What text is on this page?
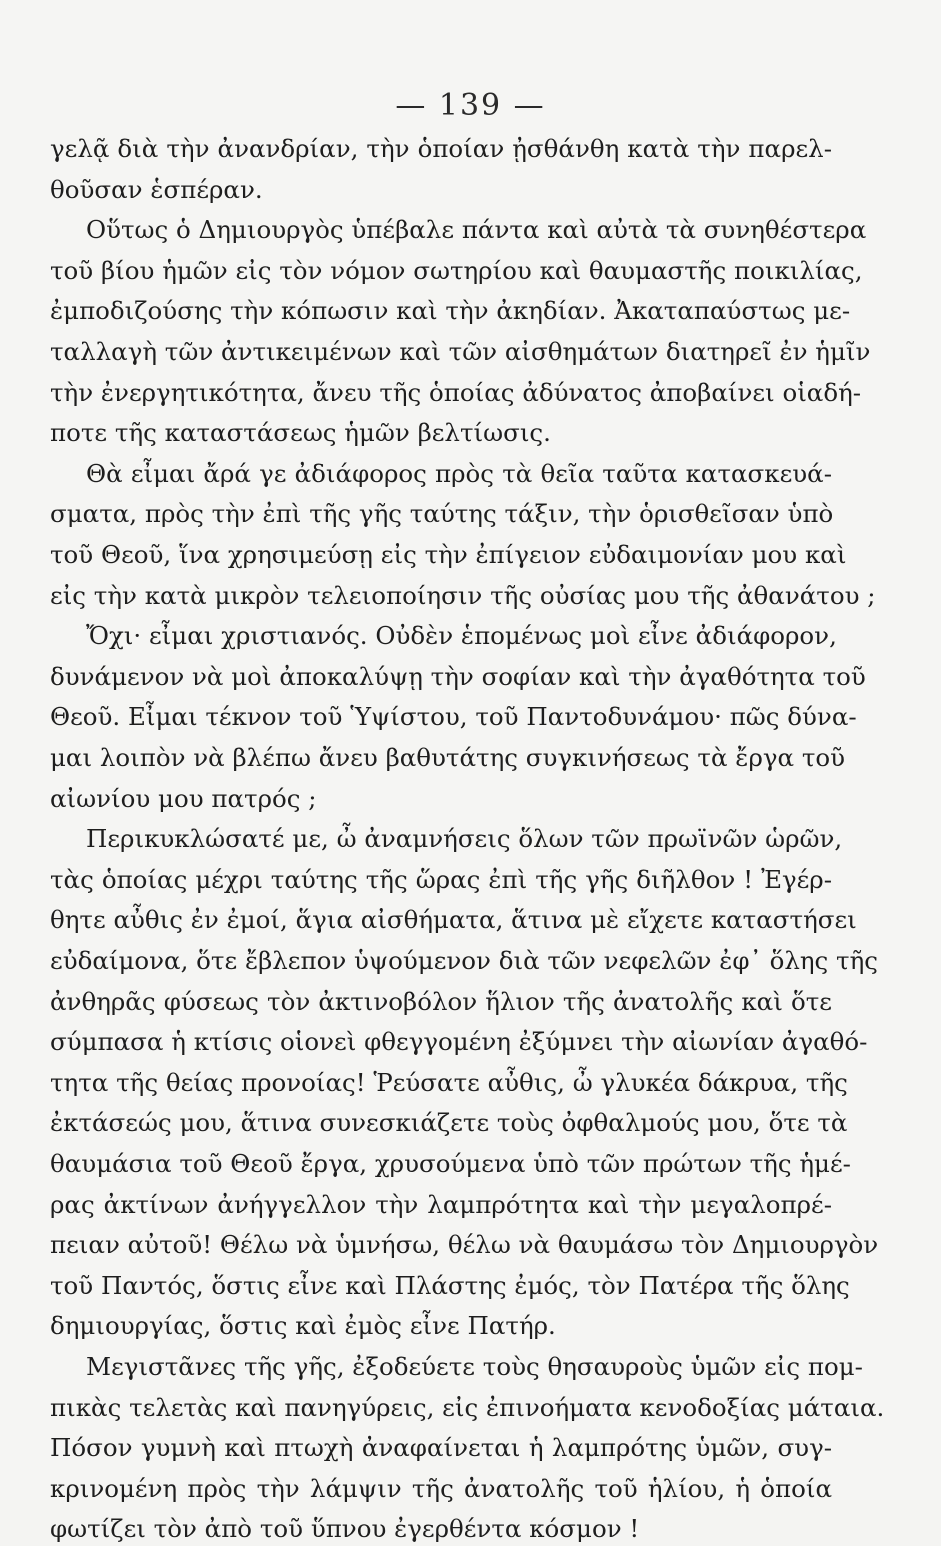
— 139 —
γελᾷ διὰ τὴν ἀνανδρίαν, τὴν ὁποίαν ᾐσθάνθη κατὰ τὴν παρελ-
θοῦσαν ἑσπέραν.
Οὕτως ὁ Δημιουργὸς ὑπέβαλε πάντα καὶ αὐτὰ τὰ συνηθέστερα
τοῦ βίου ἡμῶν εἰς τὸν νόμον σωτηρίου καὶ θαυμαστῆς ποικιλίας,
ἐμποδιζούσης τὴν κόπωσιν καὶ τὴν ἀκηδίαν. Ἀκαταπαύστως με-
ταλλαγὴ τῶν ἀντικειμένων καὶ τῶν αἰσθημάτων διατηρεῖ ἐν ἡμῖν
τὴν ἐνεργητικότητα, ἄνευ τῆς ὁποίας ἀδύνατος ἀποβαίνει οἱαδή-
ποτε τῆς καταστάσεως ἡμῶν βελτίωσις.
Θὰ εἶμαι ἄρά γε ἀδιάφορος πρὸς τὰ θεῖα ταῦτα κατασκευά-
σματα, πρὸς τὴν ἐπὶ τῆς γῆς ταύτης τάξιν, τὴν ὁρισθεῖσαν ὑπὸ
τοῦ Θεοῦ, ἵνα χρησιμεύσῃ εἰς τὴν ἐπίγειον εὐδαιμονίαν μου καὶ
εἰς τὴν κατὰ μικρὸν τελειοποίησιν τῆς οὐσίας μου τῆς ἀθανάτου ;
Ὄχι· εἶμαι χριστιανός. Οὐδὲν ἑπομένως μοὶ εἶνε ἀδιάφορον,
δυνάμενον νὰ μοὶ ἀποκαλύψῃ τὴν σοφίαν καὶ τὴν ἀγαθότητα τοῦ
Θεοῦ. Εἶμαι τέκνον τοῦ Ὑψίστου, τοῦ Παντοδυνάμου· πῶς δύνα-
μαι λοιπὸν νὰ βλέπω ἄνευ βαθυτάτης συγκινήσεως τὰ ἔργα τοῦ
αἰωνίου μου πατρός ;
Περικυκλώσατέ με, ὦ ἀναμνήσεις ὅλων τῶν πρωϊνῶν ὡρῶν,
τὰς ὁποίας μέχρι ταύτης τῆς ὥρας ἐπὶ τῆς γῆς διῆλθον ! Ἐγέρ-
θητε αὖθις ἐν ἐμοί, ἅγια αἰσθήματα, ἅτινα μὲ εἴχετε καταστήσει
εὐδαίμονα, ὅτε ἔβλεπον ὑψούμενον διὰ τῶν νεφελῶν ἐφ᾽ ὅλης τῆς
ἀνθηρᾶς φύσεως τὸν ἀκτινοβόλον ἥλιον τῆς ἀνατολῆς καὶ ὅτε
σύμπασα ἡ κτίσις οἱονεὶ φθεγγομένη ἐξύμνει τὴν αἰωνίαν ἀγαθό-
τητα τῆς θείας προνοίας! Ῥεύσατε αὖθις, ὦ γλυκέα δάκρυα, τῆς
ἐκτάσεώς μου, ἅτινα συνεσκιάζετε τοὺς ὀφθαλμούς μου, ὅτε τὰ
θαυμάσια τοῦ Θεοῦ ἔργα, χρυσούμενα ὑπὸ τῶν πρώτων τῆς ἡμέ-
ρας ἀκτίνων ἀνήγγελλον τὴν λαμπρότητα καὶ τὴν μεγαλοπρέ-
πειαν αὐτοῦ! Θέλω νὰ ὑμνήσω, θέλω νὰ θαυμάσω τὸν Δημιουργὸν
τοῦ Παντός, ὅστις εἶνε καὶ Πλάστης ἐμός, τὸν Πατέρα τῆς ὅλης
δημιουργίας, ὅστις καὶ ἐμὸς εἶνε Πατήρ.
Μεγιστᾶνες τῆς γῆς, ἐξοδεύετε τοὺς θησαυροὺς ὑμῶν εἰς πομ-
πικὰς τελετὰς καὶ πανηγύρεις, εἰς ἐπινοήματα κενοδοξίας μάταια.
Πόσον γυμνὴ καὶ πτωχὴ ἀναφαίνεται ἡ λαμπρότης ὑμῶν, συγ-
κρινομένη πρὸς τὴν λάμψιν τῆς ἀνατολῆς τοῦ ἡλίου, ἡ ὁποία
φωτίζει τὸν ἀπὸ τοῦ ὕπνου ἐγερθέντα κόσμον !
